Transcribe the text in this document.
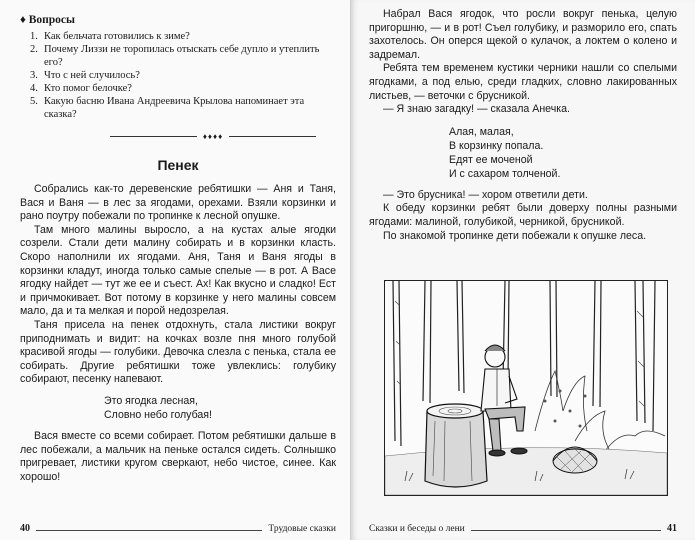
♦ Вопросы
1. Как бельчата готовились к зиме?
2. Почему Лиззи не торопилась отыскать себе дупло и утеплить его?
3. Что с ней случилось?
4. Кто помог белочке?
5. Какую басню Ивана Андреевича Крылова напоминает эта сказка?
♦♦♦♦
Пенек

Собрались как-то деревенские ребятишки — Аня и Таня, Вася и Ваня — в лес за ягодами, орехами. Взяли корзинки и рано поутру побежали по тропинке к лесной опушке.

Там много малины выросло, а на кустах алые ягодки созрели. Стали дети малину собирать и в корзинки класть. Скоро наполнили их ягодами. Аня, Таня и Ваня ягоды в корзинки кладут, иногда только самые спелые — в рот. А Васе ягодку найдет — тут же ее и съест. Ах! Как вкусно и сладко! Ест и причмокивает. Вот потому в корзинке у него малины совсем мало, да и та мелкая и порой недозрелая.

Таня присела на пенек отдохнуть, стала листики вокруг приподнимать и видит: на кочках возле пня много голубой красивой ягоды — голубики. Девочка слезла с пенька, стала ее собирать. Другие ребятишки тоже увлеклись: голубику собирают, песенку напевают.

Это ягодка лесная,
Словно небо голубая!

Вася вместе со всеми собирает. Потом ребятишки дальше в лес побежали, а мальчик на пеньке остался сидеть. Солнышко пригревает, листики кругом сверкают, небо чистое, синее. Как хорошо!

40	Трудовые сказки

Набрал Вася ягодок, что росли вокруг пенька, целую пригоршню, — и в рот! Съел голубику, и разморило его, спать захотелось. Он оперся щекой о кулачок, а локтем о колено и задремал.

Ребята тем временем кустики черники нашли со спелыми ягодками, а под елью, среди гладких, словно лакированных листьев, — веточки с брусникой.

— Я знаю загадку! — сказала Анечка.

Алая, малая,
В корзинку попала.
Едят ее моченой
И с сахаром толченой.

— Это брусника! — хором ответили дети.

К обеду корзинки ребят были доверху полны разными ягодами: малиной, голубикой, черникой, брусникой.

По знакомой тропинке дети побежали к опушке леса.

Сказки и беседы о лени	41
